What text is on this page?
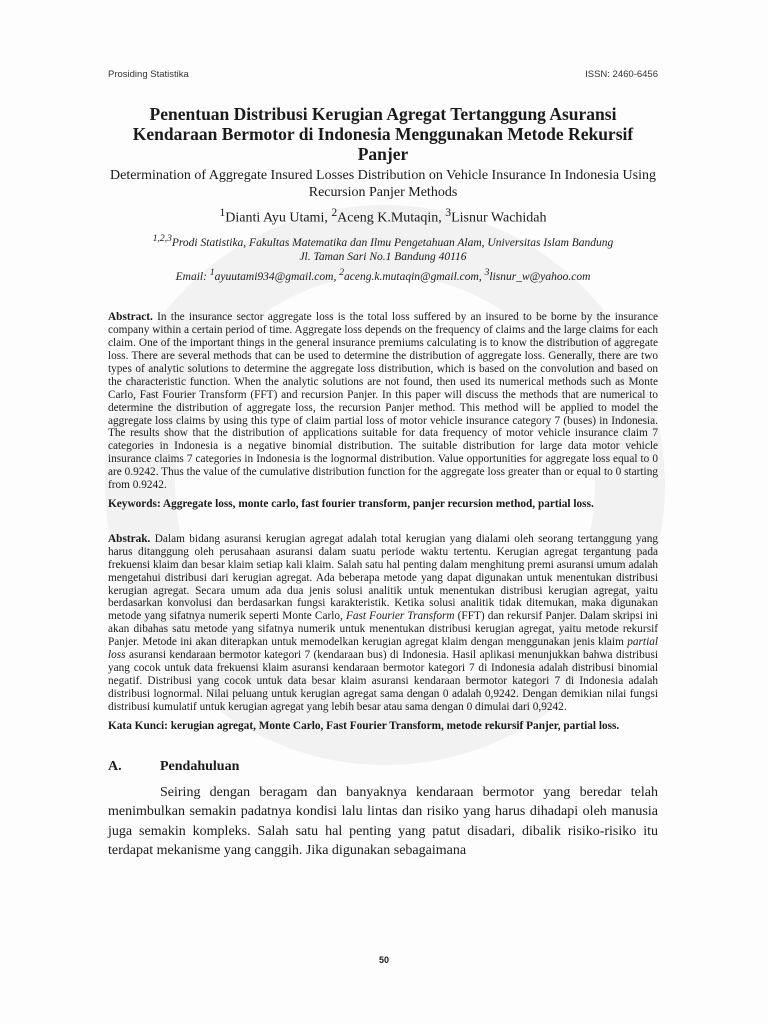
Prosiding Statistika	ISSN: 2460-6456
Penentuan Distribusi Kerugian Agregat Tertanggung Asuransi Kendaraan Bermotor di Indonesia Menggunakan Metode Rekursif Panjer

Determination of Aggregate Insured Losses Distribution on Vehicle Insurance In Indonesia Using Recursion Panjer Methods

$^1$Dianti Ayu Utami, $^2$Aceng K.Mutaqin, $^3$Lisnur Wachidah

$^{1,2,3}$Prodi Statistika, Fakultas Matematika dan Ilmu Pengetahuan Alam, Universitas Islam Bandung
Jl. Taman Sari No.1 Bandung 40116
Email: $^1$ayuutami934@gmail.com, $^2$aceng.k.mutaqin@gmail.com, $^3$lisnur_w@yahoo.com

Abstract. In the insurance sector aggregate loss is the total loss suffered by an insured to be borne by the insurance company within a certain period of time. Aggregate loss depends on the frequency of claims and the large claims for each claim. One of the important things in the general insurance premiums calculating is to know the distribution of aggregate loss. There are several methods that can be used to determine the distribution of aggregate loss. Generally, there are two types of analytic solutions to determine the aggregate loss distribution, which is based on the convolution and based on the characteristic function. When the analytic solutions are not found, then used its numerical methods such as Monte Carlo, Fast Fourier Transform (FFT) and recursion Panjer. In this paper will discuss the methods that are numerical to determine the distribution of aggregate loss, the recursion Panjer method. This method will be applied to model the aggregate loss claims by using this type of claim partial loss of motor vehicle insurance category 7 (buses) in Indonesia. The results show that the distribution of applications suitable for data frequency of motor vehicle insurance claim 7 categories in Indonesia is a negative binomial distribution. The suitable distribution for large data motor vehicle insurance claims 7 categories in Indonesia is the lognormal distribution. Value opportunities for aggregate loss equal to 0 are 0.9242. Thus the value of the cumulative distribution function for the aggregate loss greater than or equal to 0 starting from 0.9242.

Keywords: Aggregate loss, monte carlo, fast fourier transform, panjer recursion method, partial loss.

Abstrak. Dalam bidang asuransi kerugian agregat adalah total kerugian yang dialami oleh seorang tertanggung yang harus ditanggung oleh perusahaan asuransi dalam suatu periode waktu tertentu. Kerugian agregat tergantung pada frekuensi klaim dan besar klaim setiap kali klaim. Salah satu hal penting dalam menghitung premi asuransi umum adalah mengetahui distribusi dari kerugian agregat. Ada beberapa metode yang dapat digunakan untuk menentukan distribusi kerugian agregat. Secara umum ada dua jenis solusi analitik untuk menentukan distribusi kerugian agregat, yaitu berdasarkan konvolusi dan berdasarkan fungsi karakteristik. Ketika solusi analitik tidak ditemukan, maka digunakan metode yang sifatnya numerik seperti Monte Carlo, Fast Fourier Transform (FFT) dan rekursif Panjer. Dalam skripsi ini akan dibahas satu metode yang sifatnya numerik untuk menentukan distribusi kerugian agregat, yaitu metode rekursif Panjer. Metode ini akan diterapkan untuk memodelkan kerugian agregat klaim dengan menggunakan jenis klaim partial loss asuransi kendaraan bermotor kategori 7 (kendaraan bus) di Indonesia. Hasil aplikasi menunjukkan bahwa distribusi yang cocok untuk data frekuensi klaim asuransi kendaraan bermotor kategori 7 di Indonesia adalah distribusi binomial negatif. Distribusi yang cocok untuk data besar klaim asuransi kendaraan bermotor kategori 7 di Indonesia adalah distribusi lognormal. Nilai peluang untuk kerugian agregat sama dengan 0 adalah 0,9242. Dengan demikian nilai fungsi distribusi kumulatif untuk kerugian agregat yang lebih besar atau sama dengan 0 dimulai dari 0,9242.

Kata Kunci: kerugian agregat, Monte Carlo, Fast Fourier Transform, metode rekursif Panjer, partial loss.

A.	Pendahuluan

Seiring dengan beragam dan banyaknya kendaraan bermotor yang beredar telah menimbulkan semakin padatnya kondisi lalu lintas dan risiko yang harus dihadapi oleh manusia juga semakin kompleks. Salah satu hal penting yang patut disadari, dibalik risiko-risiko itu terdapat mekanisme yang canggih. Jika digunakan sebagaimana

50
